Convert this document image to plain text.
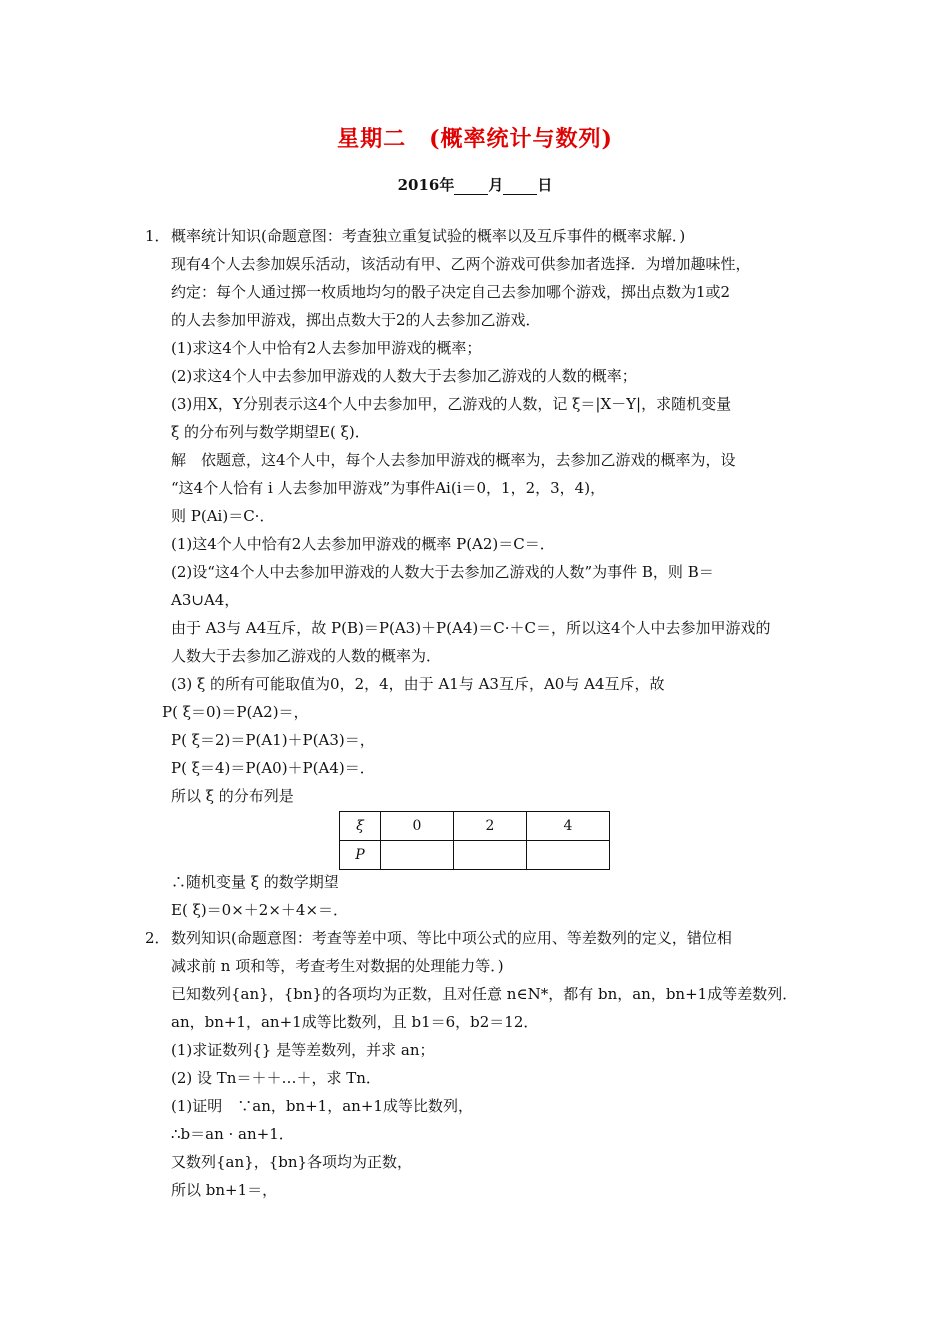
星期二　(概率统计与数列)
2016年 月 日
1． 概率统计知识(命题意图：考查独立重复试验的概率以及互斥事件的概率求解．)
现有4个人去参加娱乐活动，该活动有甲、乙两个游戏可供参加者选择．为增加趣味性，
约定：每个人通过掷一枚质地均匀的骰子决定自己去参加哪个游戏，掷出点数为1或2
的人去参加甲游戏，掷出点数大于2的人去参加乙游戏．
(1)求这4个人中恰有2人去参加甲游戏的概率；
(2)求这4个人中去参加甲游戏的人数大于去参加乙游戏的人数的概率；
(3)用X，Y分别表示这4个人中去参加甲，乙游戏的人数，记 ξ＝|X－Y|，求随机变量
ξ 的分布列与数学期望E( ξ)．
解　依题意，这4个人中，每个人去参加甲游戏的概率为，去参加乙游戏的概率为，设
“这4个人恰有 i 人去参加甲游戏”为事件Ai(i＝0，1，2，3，4)，
则 P(Ai)＝C·．
(1)这4个人中恰有2人去参加甲游戏的概率 P(A2)＝C＝．
(2)设“这4个人中去参加甲游戏的人数大于去参加乙游戏的人数”为事件 B，则 B＝
A3∪A4，
由于 A3与 A4互斥，故 P(B)＝P(A3)＋P(A4)＝C·＋C＝，所以这4个人中去参加甲游戏的
人数大于去参加乙游戏的人数的概率为．
(3) ξ 的所有可能取值为0，2，4，由于 A1与 A3互斥，A0与 A4互斥，故
P( ξ＝0)＝P(A2)＝，
P( ξ＝2)＝P(A1)＋P(A3)＝，
P( ξ＝4)＝P(A0)＋P(A4)＝．
所以 ξ 的分布列是
ξ	0	2	4
P			
∴随机变量 ξ 的数学期望
E( ξ)＝0×＋2×＋4×＝．
2． 数列知识(命题意图：考查等差中项、等比中项公式的应用、等差数列的定义，错位相
减求前 n 项和等，考查考生对数据的处理能力等．)
已知数列{an}，{bn}的各项均为正数，且对任意 n∈N*，都有 bn，an，bn+1成等差数列．
an，bn+1，an+1成等比数列，且 b1＝6，b2＝12．
(1)求证数列{} 是等差数列，并求 an；
(2) 设 Tn＝＋＋…＋，求 Tn．
(1)证明　∵an，bn+1，an+1成等比数列，
∴b＝an · an+1．
又数列{an}，{bn}各项均为正数，
所以 bn+1＝，
